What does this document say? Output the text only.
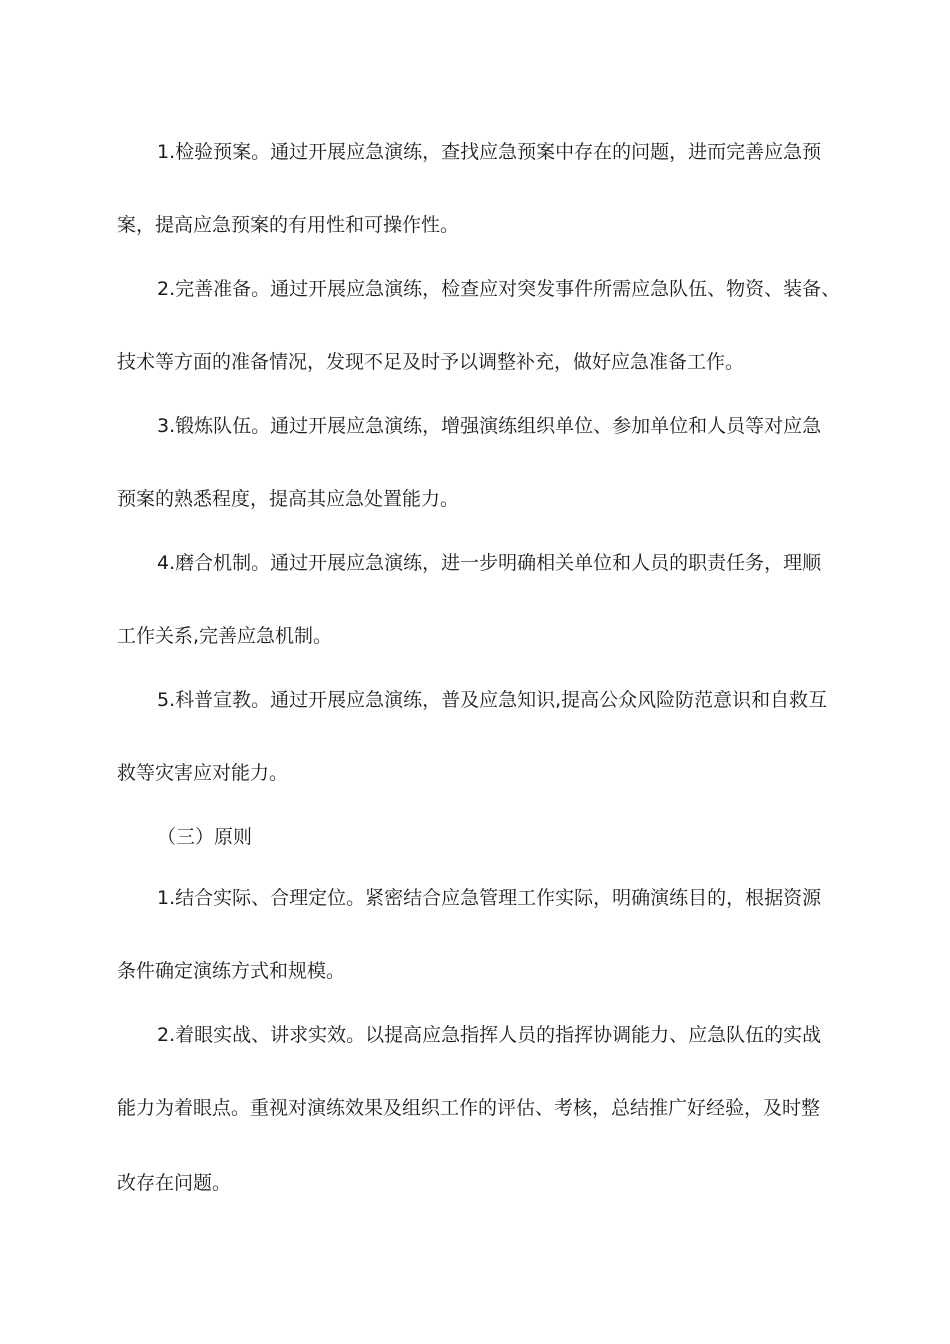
1.检验预案。通过开展应急演练，查找应急预案中存在的问题，进而完善应急预
案，提高应急预案的有用性和可操作性。
2.完善准备。通过开展应急演练，检查应对突发事件所需应急队伍、物资、装备、
技术等方面的准备情况，发现不足及时予以调整补充，做好应急准备工作。
3.锻炼队伍。通过开展应急演练，增强演练组织单位、参加单位和人员等对应急
预案的熟悉程度，提高其应急处置能力。
4.磨合机制。通过开展应急演练，进一步明确相关单位和人员的职责任务，理顺
工作关系,完善应急机制。
5.科普宣教。通过开展应急演练，普及应急知识,提高公众风险防范意识和自救互
救等灾害应对能力。
（三）原则
1.结合实际、合理定位。紧密结合应急管理工作实际，明确演练目的，根据资源
条件确定演练方式和规模。
2.着眼实战、讲求实效。以提高应急指挥人员的指挥协调能力、应急队伍的实战
能力为着眼点。重视对演练效果及组织工作的评估、考核，总结推广好经验，及时整
改存在问题。
